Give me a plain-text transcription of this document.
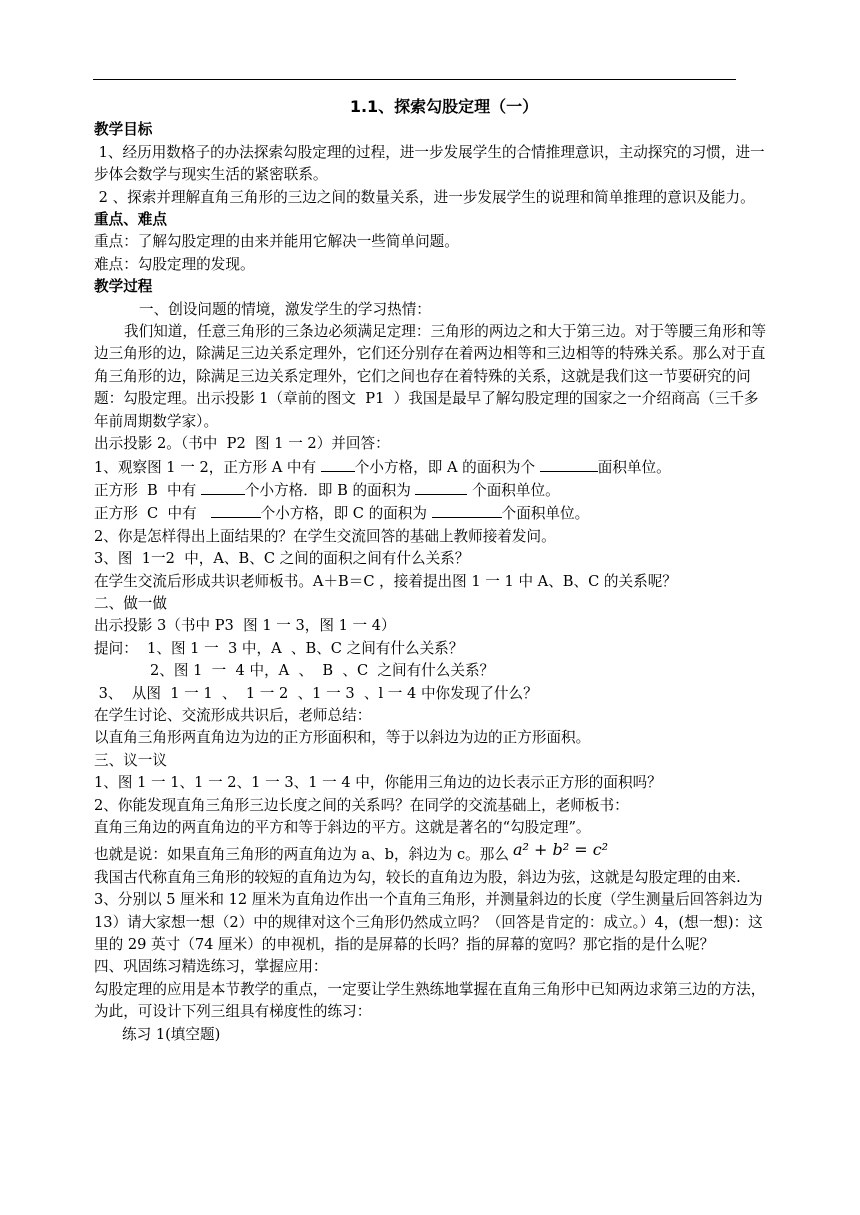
1.1、探索勾股定理（一）
教学目标
1、经历用数格子的办法探索勾股定理的过程，进一步发展学生的合情推理意识，主动探究的习惯，进一步体会数学与现实生活的紧密联系。
2 、探索并理解直角三角形的三边之间的数量关系，进一步发展学生的说理和简单推理的意识及能力。
重点、难点
重点：了解勾股定理的由来并能用它解决一些简单问题。
难点：勾股定理的发现。
教学过程
一、创设问题的情境，激发学生的学习热情：
我们知道，任意三角形的三条边必须满足定理：三角形的两边之和大于第三边。对于等腰三角形和等边三角形的边，除满足三边关系定理外，它们还分别存在着两边相等和三边相等的特殊关系。那么对于直角三角形的边，除满足三边关系定理外，它们之间也存在着特殊的关系，这就是我们这一节要研究的问题：勾股定理。出示投影 1（章前的图文  P1  ）我国是最早了解勾股定理的国家之一介绍商高（三千多年前周期数学家）。
出示投影 2。（书中  P2  图 1 一 2）并回答：
1、观察图 1 一 2，正方形 A 中有 个小方格，即 A 的面积为个	面积单位。
正方形  B  中有	个小方格．即 B 的面积为	个面积单位。
正方形  C  中有	个小方格，即 C 的面积为	个面积单位。
2、你是怎样得出上面结果的？在学生交流回答的基础上教师接着发问。
3、图  1一2  中，A、B、C 之间的面积之间有什么关系？
在学生交流后形成共识老师板书。A＋B＝C ，接着提出图 1 一 1 中 A、B、C 的关系呢？
二、做一做
出示投影 3（书中 P3  图 1 一 3，图 1 一 4）
提问：  1、图 1 一  3 中，A  、B、C 之间有什么关系？
2、图 1  一  4 中，A  、  B  、C  之间有什么关系？
3、  从图  1 一 1  、  1 一 2  、1 一 3  、l 一 4 中你发现了什么？
在学生讨论、交流形成共识后，老师总结：
以直角三角形两直角边为边的正方形面积和，等于以斜边为边的正方形面积。
三、议一议
1、图 1 一 1、1 一 2、1 一 3、1 一 4 中，你能用三角边的边长表示正方形的面积吗？
2、你能发现直角三角形三边长度之间的关系吗？在同学的交流基础上，老师板书：
直角三角边的两直角边的平方和等于斜边的平方。这就是著名的“勾股定理”。
也就是说：如果直角三角形的两直角边为 a、b，斜边为 c。那么 a² + b² = c²
我国古代称直角三角形的较短的直角边为勾，较长的直角边为股，斜边为弦，这就是勾股定理的由来.
3、分别以 5 厘米和 12 厘米为直角边作出一个直角三角形，并测量斜边的长度（学生测量后回答斜边为 13）请大家想一想（2）中的规律对这个三角形仍然成立吗？（回答是肯定的：成立。）4，(想一想)：这里的 29 英寸（74 厘米）的申视机，指的是屏幕的长吗？指的屏幕的宽吗？那它指的是什么呢？
四、巩固练习精选练习，掌握应用：
勾股定理的应用是本节教学的重点，一定要让学生熟练地掌握在直角三角形中已知两边求第三边的方法，为此，可设计下列三组具有梯度性的练习：
练习 1(填空题)
